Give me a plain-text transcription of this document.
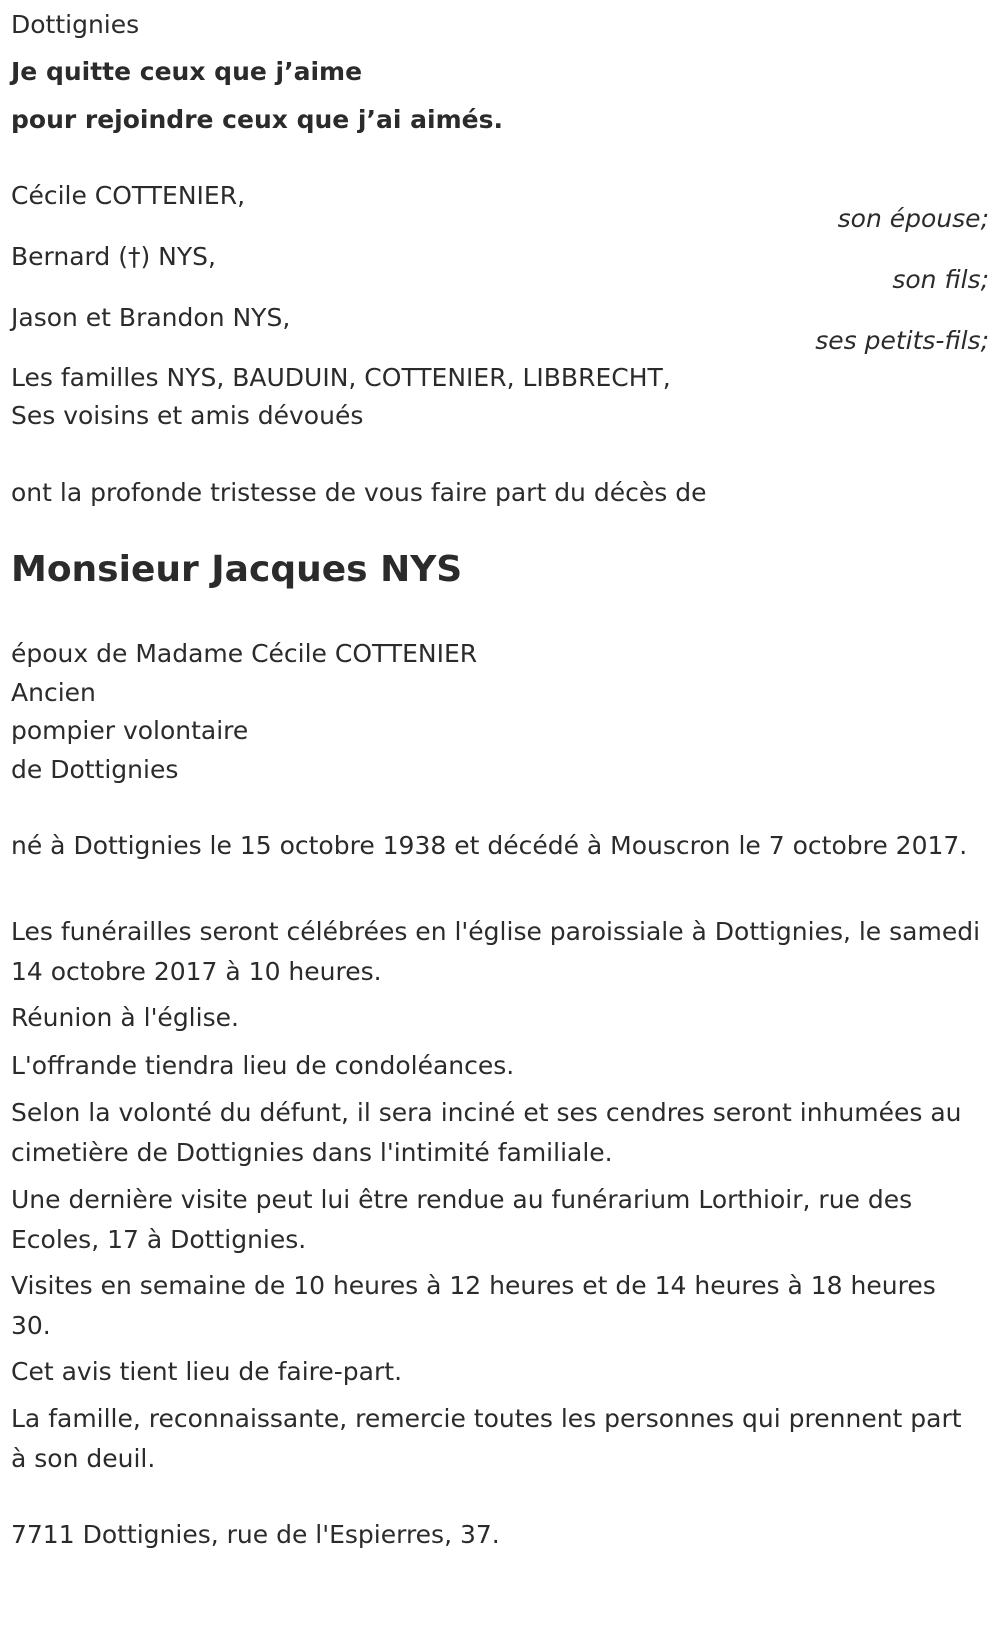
Dottignies
Je quitte ceux que j’aime
pour rejoindre ceux que j’ai aimés.
Cécile COTTENIER,
son épouse;
Bernard (†) NYS,
son fils;
Jason et Brandon NYS,
ses petits-fils;
Les familles NYS, BAUDUIN, COTTENIER, LIBBRECHT,
Ses voisins et amis dévoués
ont la profonde tristesse de vous faire part du décès de
Monsieur Jacques NYS
époux de Madame Cécile COTTENIER
Ancien
pompier volontaire
de Dottignies
né à Dottignies le 15 octobre 1938 et décédé à Mouscron le 7 octobre 2017.
Les funérailles seront célébrées en l'église paroissiale à Dottignies, le samedi 14 octobre 2017 à 10 heures.
Réunion à l'église.
L'offrande tiendra lieu de condoléances.
Selon la volonté du défunt, il sera inciné et ses cendres seront inhumées au cimetière de Dottignies dans l'intimité familiale.
Une dernière visite peut lui être rendue au funérarium Lorthioir, rue des Ecoles, 17 à Dottignies.
Visites en semaine de 10 heures à 12 heures et de 14 heures à 18 heures 30.
Cet avis tient lieu de faire-part.
La famille, reconnaissante, remercie toutes les personnes qui prennent part à son deuil.
7711 Dottignies, rue de l'Espierres, 37.
